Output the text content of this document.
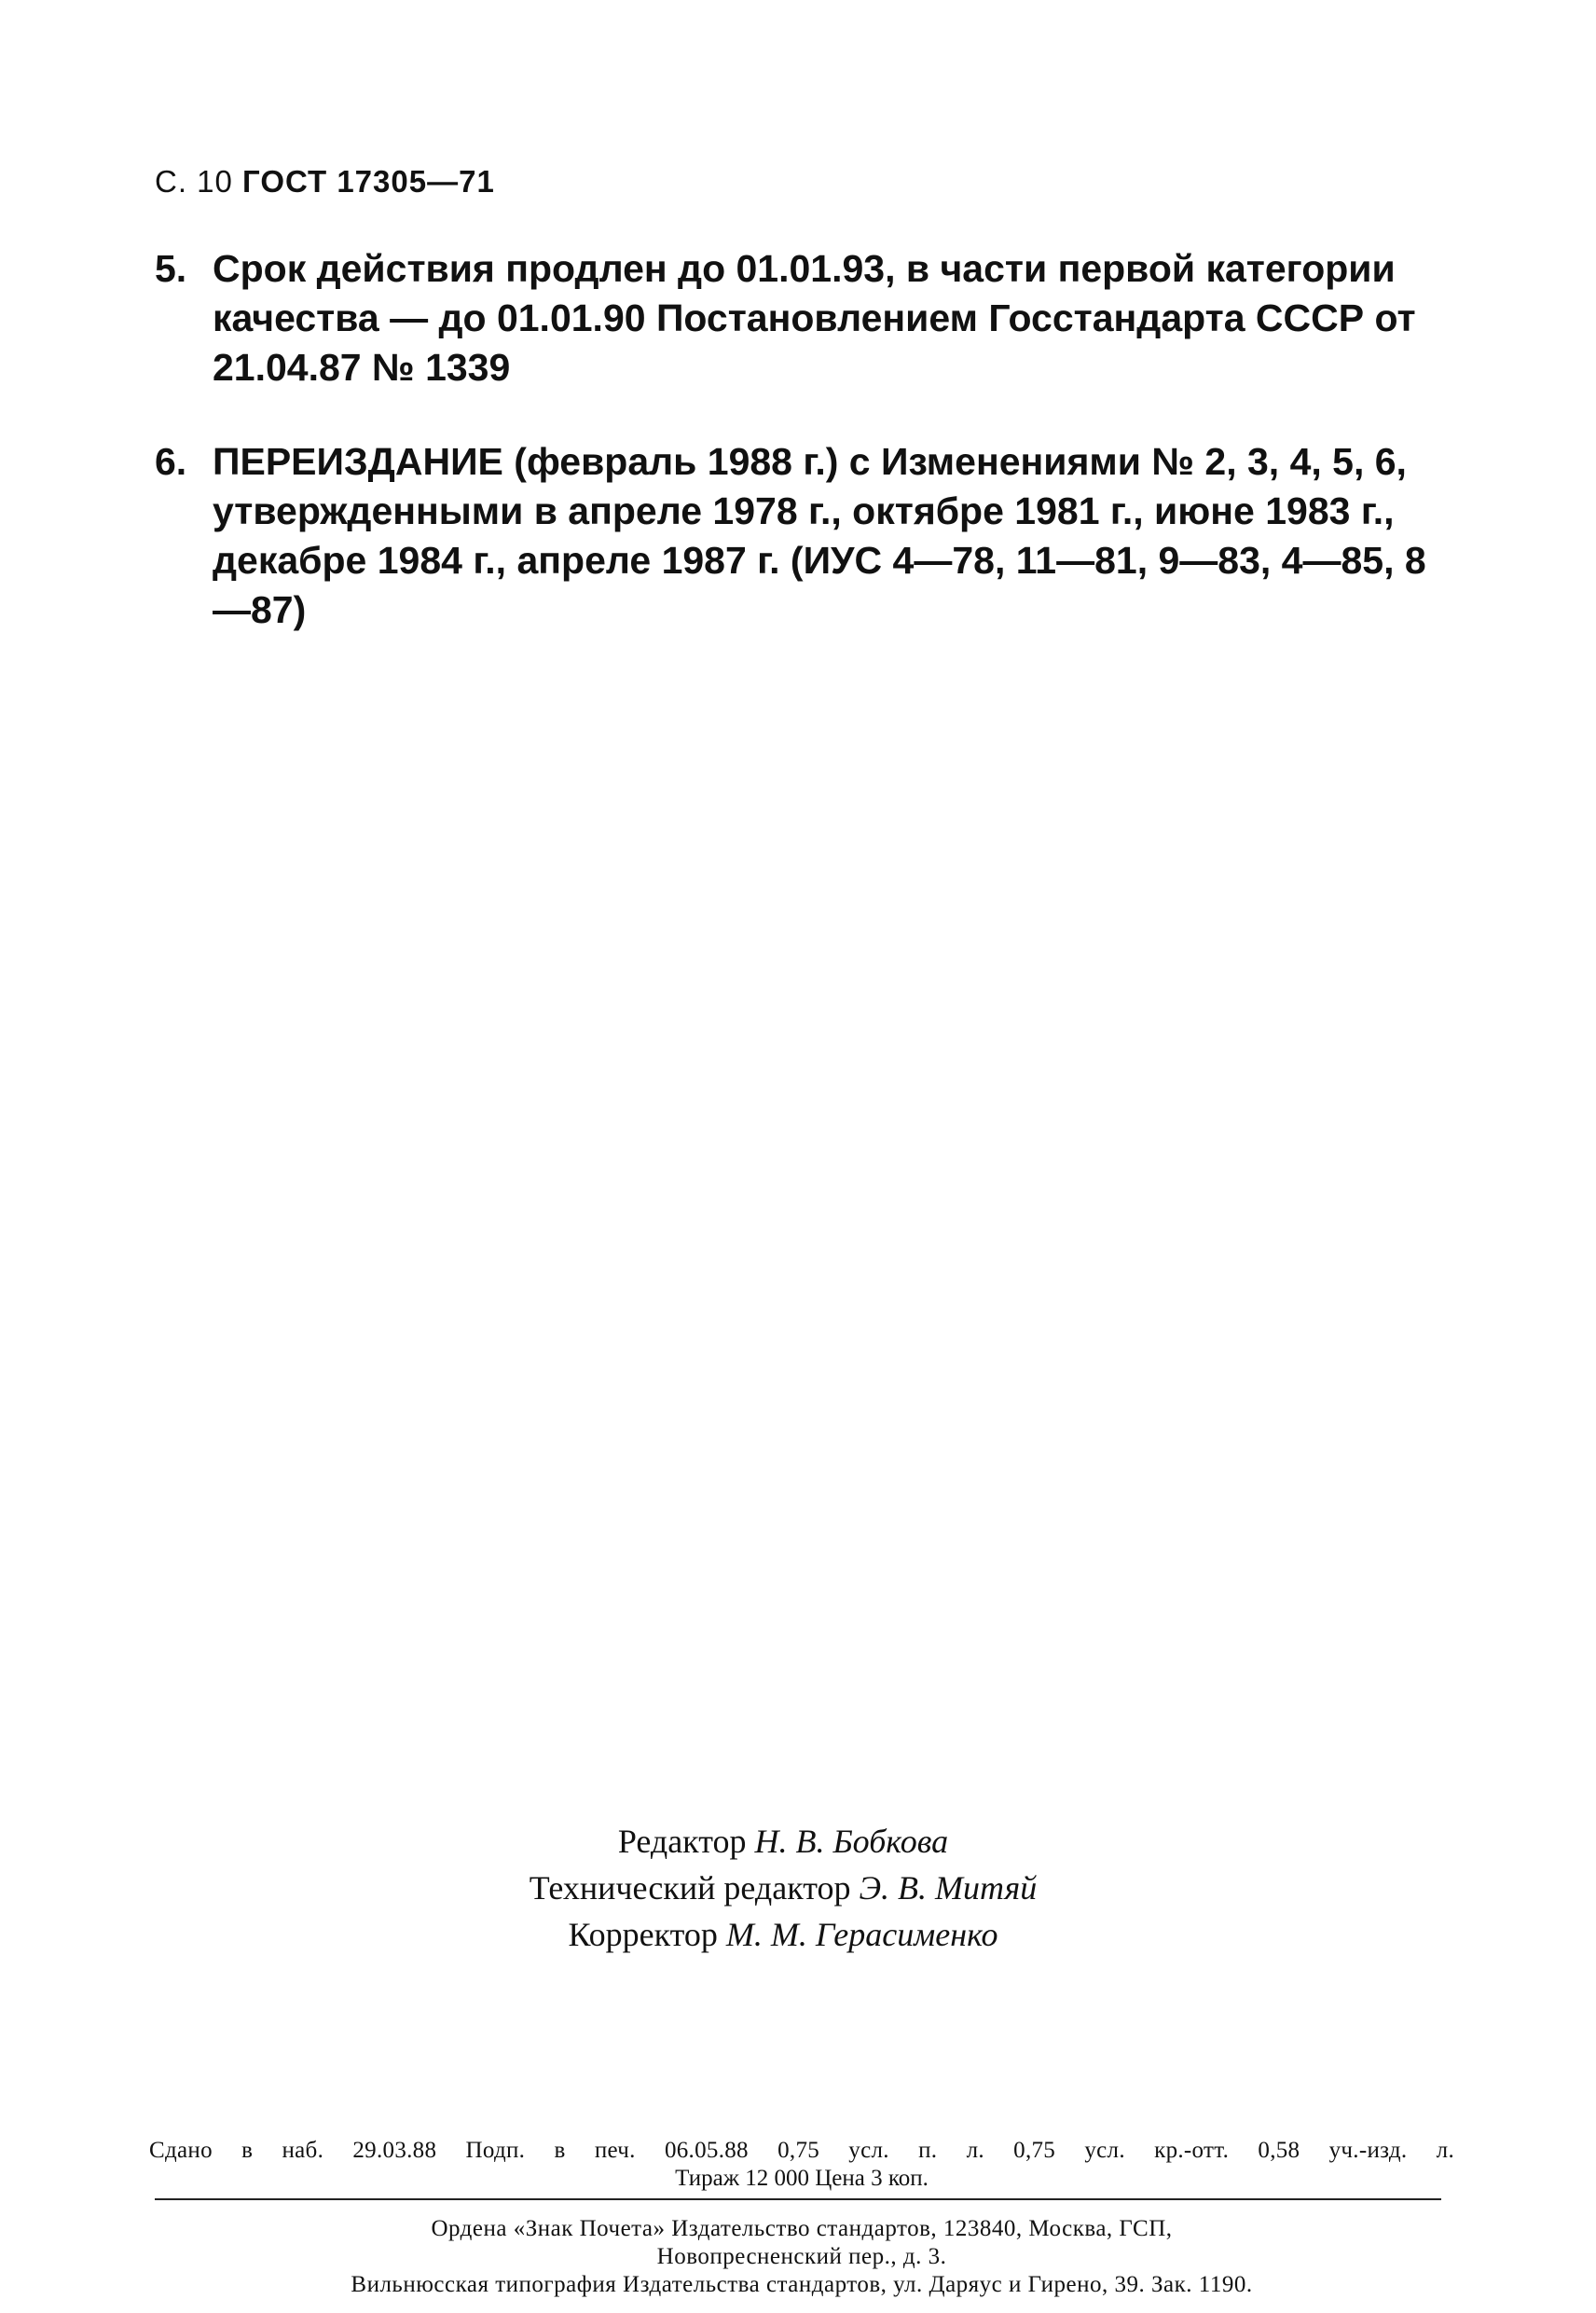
С. 10 ГОСТ 17305—71
5. Срок действия продлен до 01.01.93, в части первой категории качества — до 01.01.90 Постановлением Госстандарта СССР от 21.04.87 № 1339
6. ПЕРЕИЗДАНИЕ (февраль 1988 г.) с Изменениями № 2, 3, 4, 5, 6, утвержденными в апреле 1978 г., октябре 1981 г., июне 1983 г., декабре 1984 г., апреле 1987 г. (ИУС 4—78, 11—81, 9—83, 4—85, 8—87)
Редактор Н. В. Бобкова
Технический редактор Э. В. Митяй
Корректор М. М. Герасименко
Сдано в наб. 29.03.88 Подп. в печ. 06.05.88 0,75 усл. п. л. 0,75 усл. кр.-отт. 0,58 уч.-изд. л.
Тираж 12 000 Цена 3 коп.
Ордена «Знак Почета» Издательство стандартов, 123840, Москва, ГСП,
Новопресненский пер., д. 3.
Вильнюсская типография Издательства стандартов, ул. Даряус и Гирено, 39. Зак. 1190.
